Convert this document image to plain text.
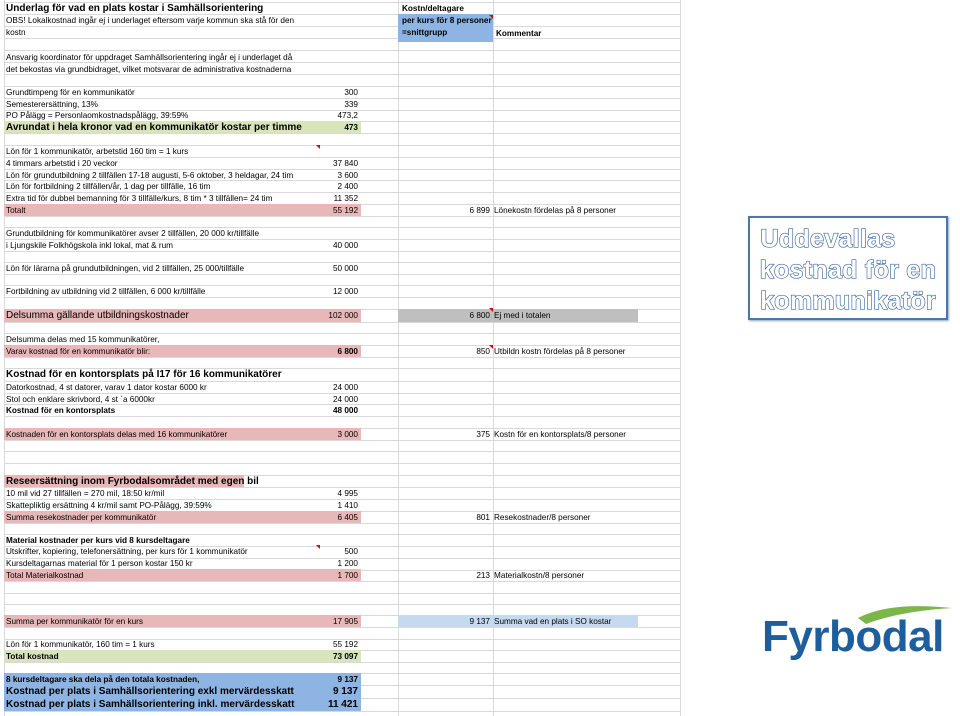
Underlag för vad en plats kostar i Samhällsorientering
OBS! Lokalkostnad ingår ej i underlaget eftersom varje kommun ska stå för den
kostn
Kostn/deltagare
per kurs för 8 personer
=snittgrupp	Kommentar
Ansvarig koordinator för uppdraget Samhällsorientering ingår ej i underlaget då
det bekostas via grundbidraget, vilket motsvarar de administrativa kostnaderna
Grundtimpeng för en kommunikatör	300
Semesterersättning, 13%	339
PO Pålägg = Personlaomkostnadspålägg, 39:59%	473,2
Avrundat i hela kronor vad en kommunikatör kostar per timme	473
Lön för 1 kommunikatör, arbetstid 160 tim = 1 kurs
4 timmars arbetstid i 20 veckor	37 840
Lön för grundutbildning 2 tillfällen 17-18 augusti, 5-6 oktober, 3 heldagar, 24 tim	3 600
Lön för fortbildning 2 tillfällen/år, 1 dag per tillfälle, 16 tim	2 400
Extra tid för dubbel bemanning för 3 tillfälle/kurs, 8 tim * 3 tillfällen= 24 tim	11 352
Totalt	55 192	6 899 Lönekostn fördelas på 8 personer
Grundutbildning för kommunikatörer avser 2 tillfällen, 20 000 kr/tillfälle
i Ljungskile Folkhögskola inkl lokal, mat & rum	40 000
Lön för lärarna på grundutbildningen, vid 2 tillfällen, 25 000/tillfälle	50 000
Fortbildning av utbildning vid 2 tillfällen, 6 000 kr/tillfälle	12 000
Delsumma gällande utbildningskostnader	102 000	6 800 Ej med i totalen
Delsumma delas med 15 kommunikatörer,
Varav kostnad för en kommunikatör blir:	6 800	850 Utbildn kostn fördelas på 8 personer
Kostnad för en kontorsplats på I17 för 16 kommunikatörer
Datorkostnad, 4 st datorer, varav 1 dator kostar 6000 kr	24 000
Stol och enklare skrivbord, 4 st `a 6000kr	24 000
Kostnad för en kontorsplats	48 000
Kostnaden för en kontorsplats delas med 16 kommunikatörer	3 000	375 Kostn för en kontorsplats/8 personer
Reseersättning inom Fyrbodalsområdet med egen bil
10 mil vid 27 tillfällen = 270 mil, 18:50 kr/mil	4 995
Skattepliktig ersättning 4 kr/mil samt PO-Pålägg, 39:59%	1 410
Summa resekostnader per kommunikatör	6 405	801 Resekostnader/8 personer
Material kostnader per kurs vid 8 kursdeltagare
Utskrifter, kopiering, telefonersättning, per kurs för 1 kommunikatör	500
Kursdeltagarnas material för 1 person kostar 150 kr	1 200
Total Materialkostnad	1 700	213 Materialkostn/8 personer
Summa per kommunikatör för en kurs	17 905	9 137 Summa vad en plats i SO kostar
Lön för 1 kommunikatör, 160 tim = 1 kurs	55 192
Total kostnad	73 097
8 kursdeltagare ska dela på den totala kostnaden,	9 137
Kostnad per plats i Samhällsorientering exkl mervärdesskatt	9 137
Kostnad per plats i Samhällsorientering inkl. mervärdesskatt	11 421
Uddevallas
kostnad för en
kommunikatör
Fyrbodal
